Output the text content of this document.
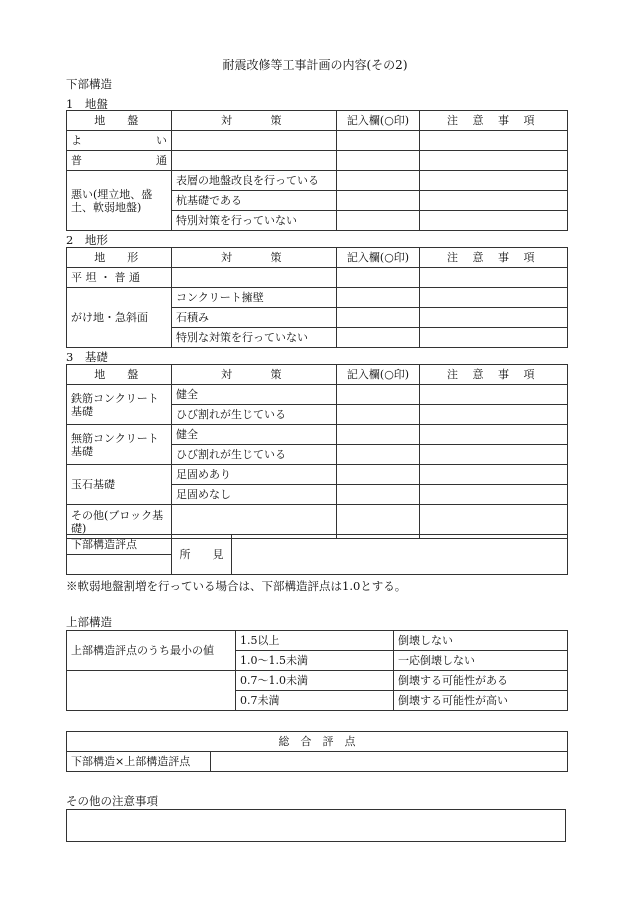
耐震改修等工事計画の内容(その2)
下部構造
1　地盤
地　盤	対　　策	記入欄(○印)	注 意 事 項

よ い			

普 通			

悪い(埋立地、盛土、軟弱地盤)	表層の地盤改良を行っている		
	杭基礎である		
	特別対策を行っていない		
2　地形
地　形	対　　策	記入欄(○印)	注 意 事 項
平 坦 ・ 普 通			
がけ地・急斜面	コンクリート擁壁		
	石積み		
	特別な対策を行っていない		
3　基礎
地　盤	対　　策	記入欄(○印)	注 意 事 項
鉄筋コンクリート基礎	健全		
	ひび割れが生じている		
無筋コンクリート基礎	健全		
	ひび割れが生じている		
玉石基礎	足固めあり		
	足固めなし		
その他(ブロック基礎)			
下部構造評点	所　　見	

※軟弱地盤割増を行っている場合は、下部構造評点は1.0とする。
上部構造
上部構造評点のうち最小の値	1.5以上	倒壊しない
	1.0〜1.5未満	一応倒壊しない
	0.7〜1.0未満	倒壊する可能性がある
	0.7未満	倒壊する可能性が高い
総　合　評　点
下部構造×上部構造評点	
その他の注意事項
